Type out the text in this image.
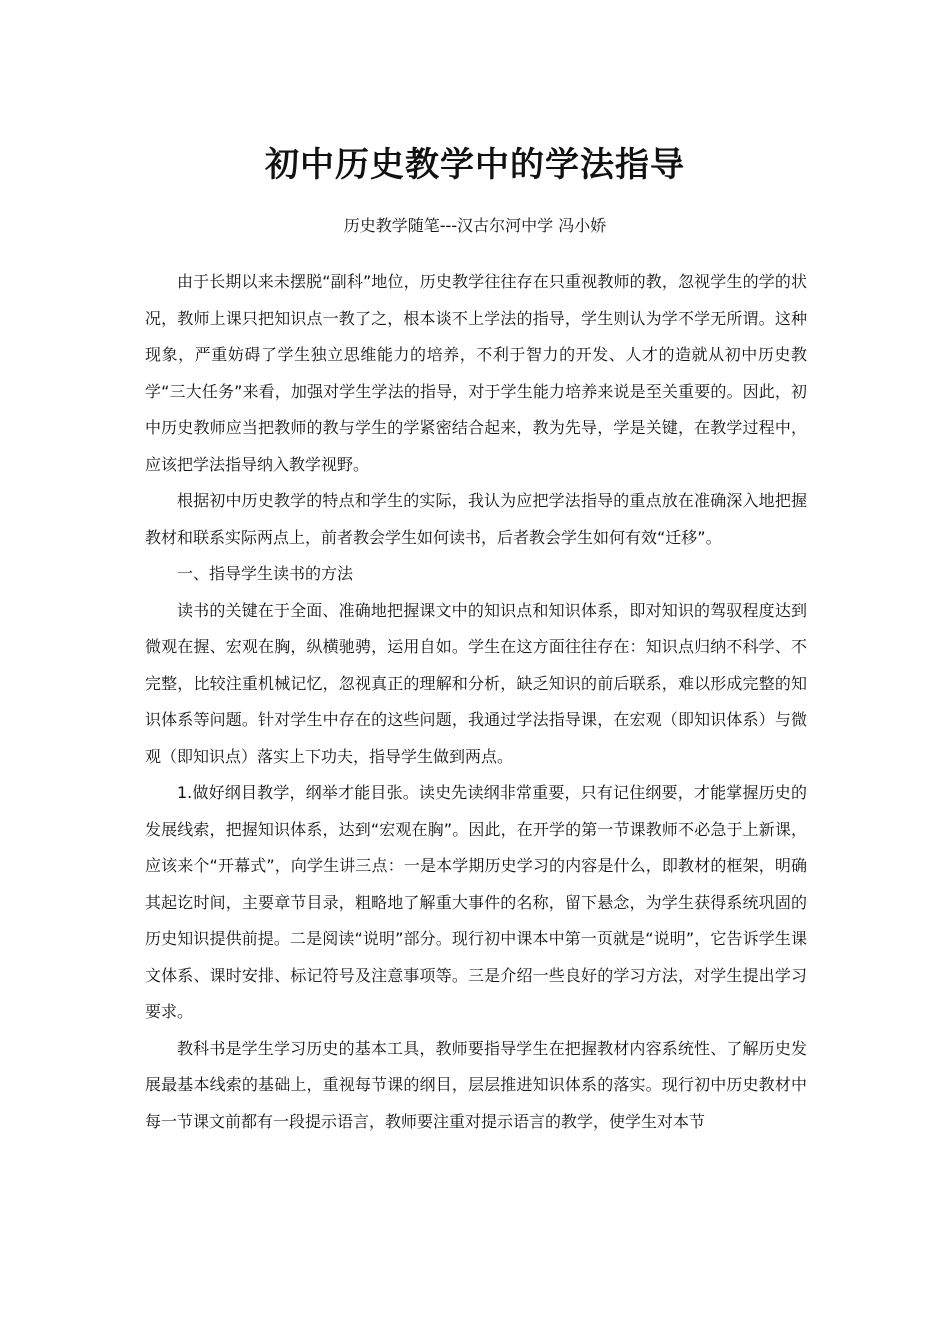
初中历史教学中的学法指导
历史教学随笔---汉古尔河中学 冯小娇

由于长期以来未摆脱“副科”地位，历史教学往往存在只重视教师的教，忽视学生的学的状况，教师上课只把知识点一教了之，根本谈不上学法的指导，学生则认为学不学无所谓。这种现象，严重妨碍了学生独立思维能力的培养，不利于智力的开发、人才的造就从初中历史教学“三大任务”来看，加强对学生学法的指导，对于学生能力培养来说是至关重要的。因此，初中历史教师应当把教师的教与学生的学紧密结合起来，教为先导，学是关键，在教学过程中，应该把学法指导纳入教学视野。

根据初中历史教学的特点和学生的实际，我认为应把学法指导的重点放在准确深入地把握教材和联系实际两点上，前者教会学生如何读书，后者教会学生如何有效“迁移”。

一、指导学生读书的方法

读书的关键在于全面、准确地把握课文中的知识点和知识体系，即对知识的驾驭程度达到微观在握、宏观在胸，纵横驰骋，运用自如。学生在这方面往往存在：知识点归纳不科学、不完整，比较注重机械记忆，忽视真正的理解和分析，缺乏知识的前后联系，难以形成完整的知识体系等问题。针对学生中存在的这些问题，我通过学法指导课，在宏观（即知识体系）与微观（即知识点）落实上下功夫，指导学生做到两点。

1.做好纲目教学，纲举才能目张。读史先读纲非常重要，只有记住纲要，才能掌握历史的发展线索，把握知识体系，达到“宏观在胸”。因此，在开学的第一节课教师不必急于上新课，应该来个“开幕式”，向学生讲三点：一是本学期历史学习的内容是什么，即教材的框架，明确其起讫时间，主要章节目录，粗略地了解重大事件的名称，留下悬念，为学生获得系统巩固的历史知识提供前提。二是阅读“说明”部分。现行初中课本中第一页就是“说明”，它告诉学生课文体系、课时安排、标记符号及注意事项等。三是介绍一些良好的学习方法，对学生提出学习要求。

教科书是学生学习历史的基本工具，教师要指导学生在把握教材内容系统性、了解历史发展最基本线索的基础上，重视每节课的纲目，层层推进知识体系的落实。现行初中历史教材中每一节课文前都有一段提示语言，教师要注重对提示语言的教学，使学生对本节
